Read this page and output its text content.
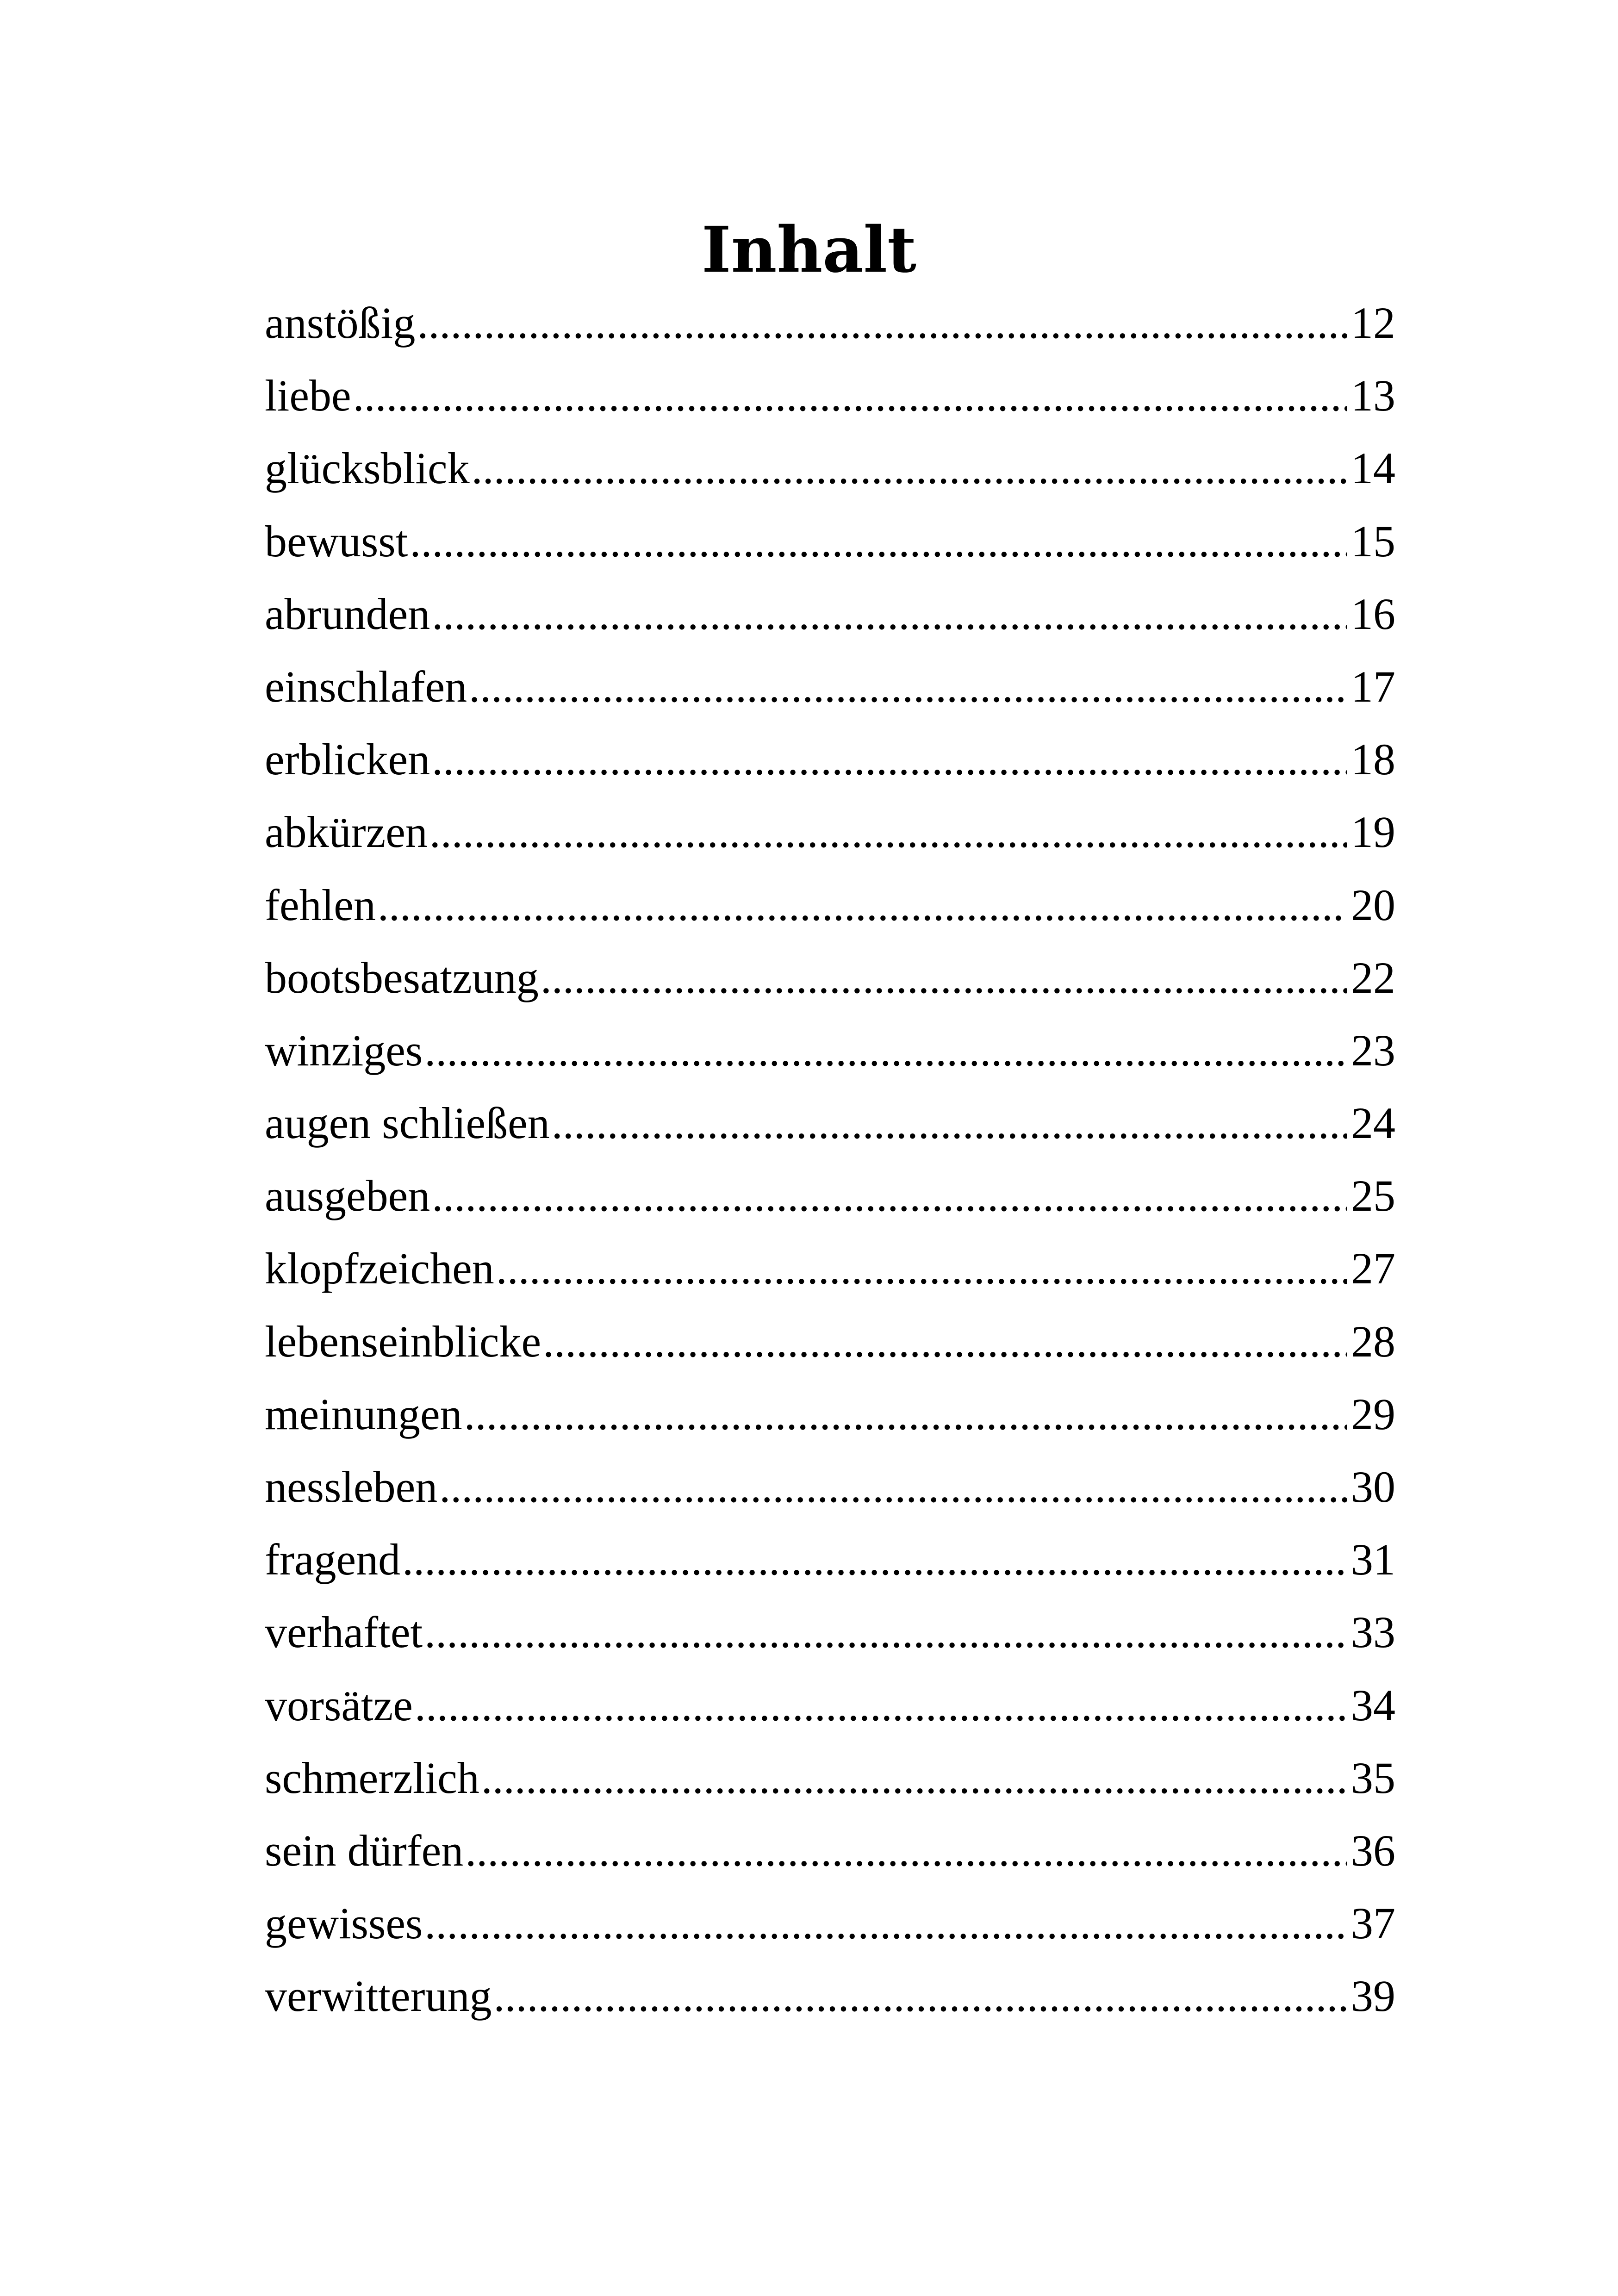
Inhalt
anstößig .....	12
liebe .....	13
glücksblick .....	14
bewusst .....	15
abrunden .....	16
einschlafen .....	17
erblicken .....	18
abkürzen .....	19
fehlen .....	20
bootsbesatzung .....	22
winziges .....	23
augen schließen .....	24
ausgeben .....	25
klopfzeichen .....	27
lebenseinblicke .....	28
meinungen .....	29
nessleben .....	30
fragend .....	31
verhaftet .....	33
vorsätze .....	34
schmerzlich .....	35
sein dürfen .....	36
gewisses .....	37
verwitterung .....	39
